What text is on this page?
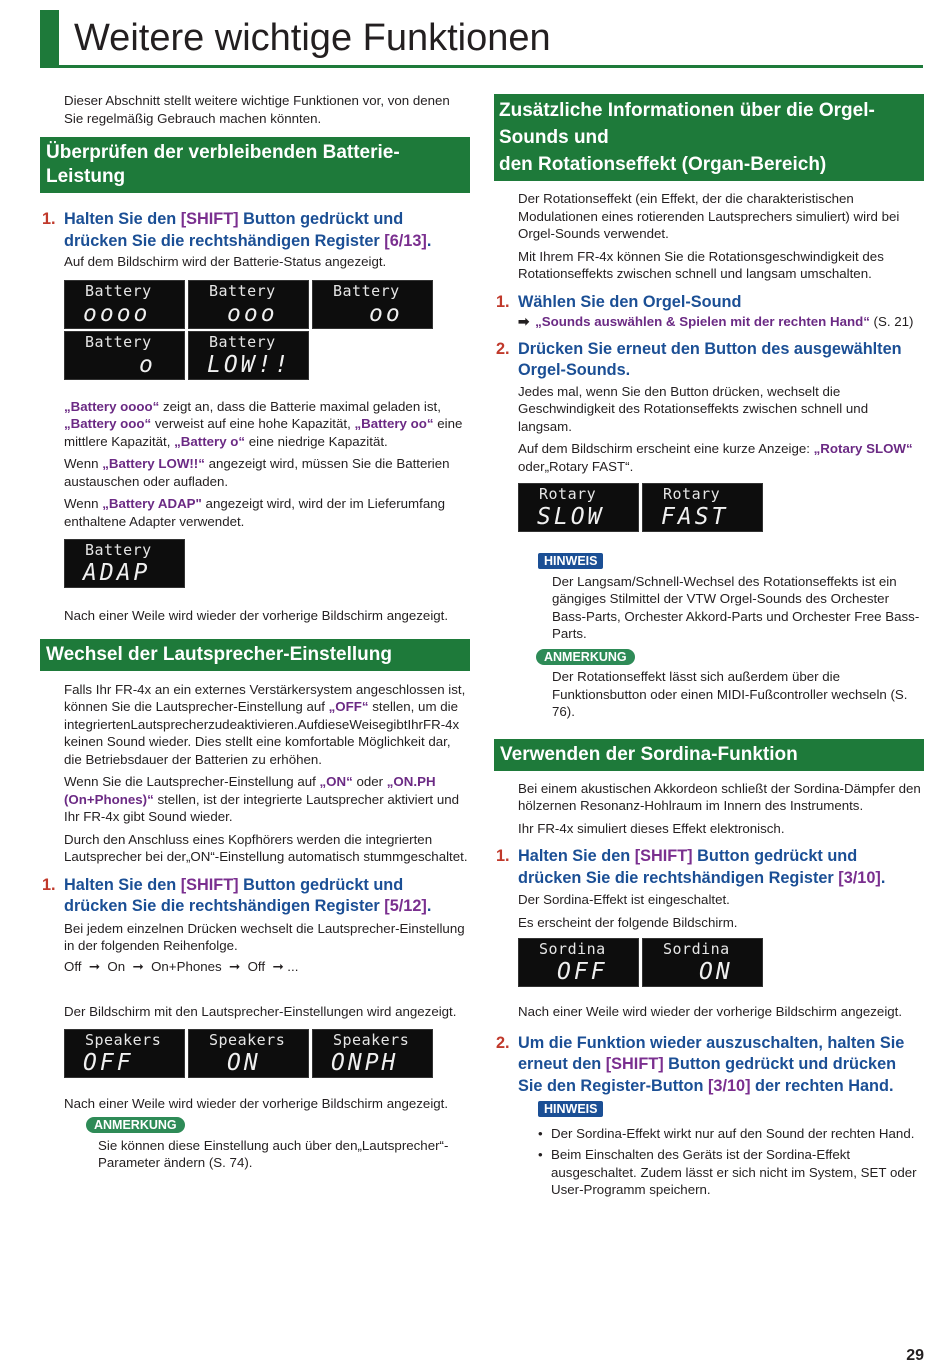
Weitere wichtige Funktionen

Dieser Abschnitt stellt weitere wichtige Funktionen vor, von denen Sie regelmäßig Gebrauch machen könnten.

Überprüfen der verbleibenden Batterie-Leistung
1. Halten Sie den [SHIFT] Button gedrückt und drücken Sie die rechtshändigen Register [6/13].

Auf dem Bildschirm wird der Batterie-Status angezeigt.

Battery
oooo
Battery
ooo
Battery
oo
Battery
o
Battery
LOW!!

„Battery oooo“ zeigt an, dass die Batterie maximal geladen ist, „Battery ooo“ verweist auf eine hohe Kapazität, „Battery oo“ eine mittlere Kapazität, „Battery o“ eine niedrige Kapazität.

Wenn „Battery LOW!!“ angezeigt wird, müssen Sie die Batterien austauschen oder aufladen.

Wenn „Battery ADAP" angezeigt wird, wird der im Lieferumfang enthaltene Adapter verwendet.

Battery
ADAP

Nach einer Weile wird wieder der vorherige Bildschirm angezeigt.

Wechsel der Lautsprecher-Einstellung

Falls Ihr FR-4x an ein externes Verstärkersystem angeschlossen ist, können Sie die Lautsprecher-Einstellung auf „OFF“ stellen, um die integriertenLautsprecherzudeaktivieren.AufdieseWeisegibtIhrFR-4x keinen Sound wieder. Dies stellt eine komfortable Möglichkeit dar, die Betriebsdauer der Batterien zu erhöhen.

Wenn Sie die Lautsprecher-Einstellung auf „ON“ oder „ON.PH (On+Phones)“ stellen, ist der integrierte Lautsprecher aktiviert und Ihr FR-4x gibt Sound wieder.

Durch den Anschluss eines Kopfhörers werden die integrierten Lautsprecher bei der„ON“-Einstellung automatisch stummgeschaltet.

1. Halten Sie den [SHIFT] Button gedrückt und drücken Sie die rechtshändigen Register [5/12].

Bei jedem einzelnen Drücken wechselt die Lautsprecher-Einstellung in der folgenden Reihenfolge.

Off  ➞  On  ➞  On+Phones  ➞  Off  ➞ ...

Der Bildschirm mit den Lautsprecher-Einstellungen wird angezeigt.

Speakers
OFF
Speakers
ON
Speakers
ONPH

Nach einer Weile wird wieder der vorherige Bildschirm angezeigt.

ANMERKUNG

Sie können diese Einstellung auch über den„Lautsprecher“-Parameter ändern (S. 74).

Zusätzliche Informationen über die Orgel-Sounds und
den Rotationseffekt (Organ-Bereich)

Der Rotationseffekt (ein Effekt, der die charakteristischen Modulationen eines rotierenden Lautsprechers simuliert) wird bei Orgel-Sounds verwendet.

Mit Ihrem FR-4x können Sie die Rotationsgeschwindigkeit des Rotationseffekts zwischen schnell und langsam umschalten.

1. Wählen Sie den Orgel-Sound

➡ „Sounds auswählen & Spielen mit der rechten Hand“ (S. 21)

2. Drücken Sie erneut den Button des ausgewählten Orgel-Sounds.

Jedes mal, wenn Sie den Button drücken, wechselt die Geschwindigkeit des Rotationseffekts zwischen schnell und langsam.

Auf dem Bildschirm erscheint eine kurze Anzeige: „Rotary SLOW“ oder„Rotary FAST“.

Rotary
SLOW
Rotary
FAST
HINWEIS

Der Langsam/Schnell-Wechsel des Rotationseffekts ist ein gängiges Stilmittel der VTW Orgel-Sounds des Orchester Bass-Parts, Orchester Akkord-Parts und Orchester Free Bass-Parts.

ANMERKUNG

Der Rotationseffekt lässt sich außerdem über die Funktionsbutton oder einen MIDI-Fußcontroller wechseln (S. 76).

Verwenden der Sordina-Funktion

Bei einem akustischen Akkordeon schließt der Sordina-Dämpfer den hölzernen Resonanz-Hohlraum im Innern des Instruments.

Ihr FR-4x simuliert dieses Effekt elektronisch.

1. Halten Sie den [SHIFT] Button gedrückt und drücken Sie die rechtshändigen Register [3/10].

Der Sordina-Effekt ist eingeschaltet.

Es erscheint der folgende Bildschirm.

Sordina
OFF
Sordina
ON

Nach einer Weile wird wieder der vorherige Bildschirm angezeigt.

2. Um die Funktion wieder auszuschalten, halten Sie erneut den [SHIFT] Button gedrückt und drücken Sie den Register-Button [3/10] der rechten Hand.
HINWEIS
• Der Sordina-Effekt wirkt nur auf den Sound der rechten Hand.
• Beim Einschalten des Geräts ist der Sordina-Effekt ausgeschaltet. Zudem lässt er sich nicht im System, SET oder User-Programm speichern.
29
